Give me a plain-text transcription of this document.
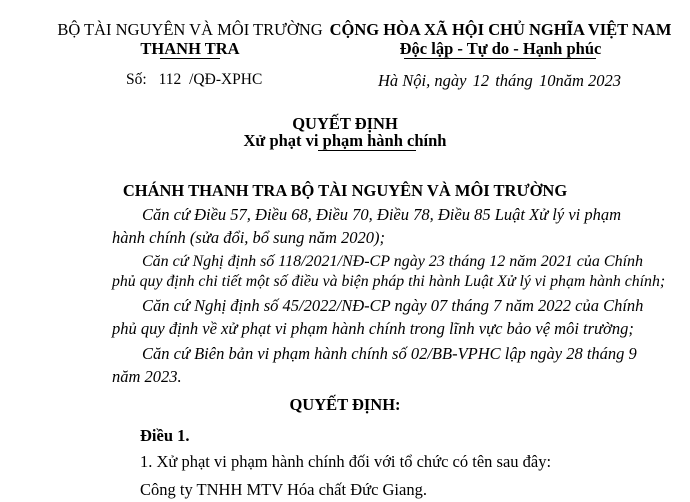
BỘ TÀI NGUYÊN VÀ MÔI TRƯỜNG
THANH TRA
Số: 112 /QĐ-XPHC
CỘNG HÒA XÃ HỘI CHỦ NGHĨA VIỆT NAM
Độc lập - Tự do - Hạnh phúc
Hà Nội, ngày 12 tháng 10năm 2023
QUYẾT ĐỊNH
Xử phạt vi phạm hành chính
CHÁNH THANH TRA BỘ TÀI NGUYÊN VÀ MÔI TRƯỜNG
Căn cứ Điều 57, Điều 68, Điều 70, Điều 78, Điều 85 Luật Xử lý vi phạm
hành chính (sửa đổi, bổ sung năm 2020);
Căn cứ Nghị định số 118/2021/NĐ-CP ngày 23 tháng 12 năm 2021 của Chính
phủ quy định chi tiết một số điều và biện pháp thi hành Luật Xử lý vi phạm hành chính;
Căn cứ Nghị định số 45/2022/NĐ-CP ngày 07 tháng 7 năm 2022 của Chính
phủ quy định về xử phạt vi phạm hành chính trong lĩnh vực bảo vệ môi trường;
Căn cứ Biên bản vi phạm hành chính số 02/BB-VPHC lập ngày 28 tháng 9
năm 2023.
QUYẾT ĐỊNH:
Điều 1.
1. Xử phạt vi phạm hành chính đối với tổ chức có tên sau đây:
Công ty TNHH MTV Hóa chất Đức Giang.
